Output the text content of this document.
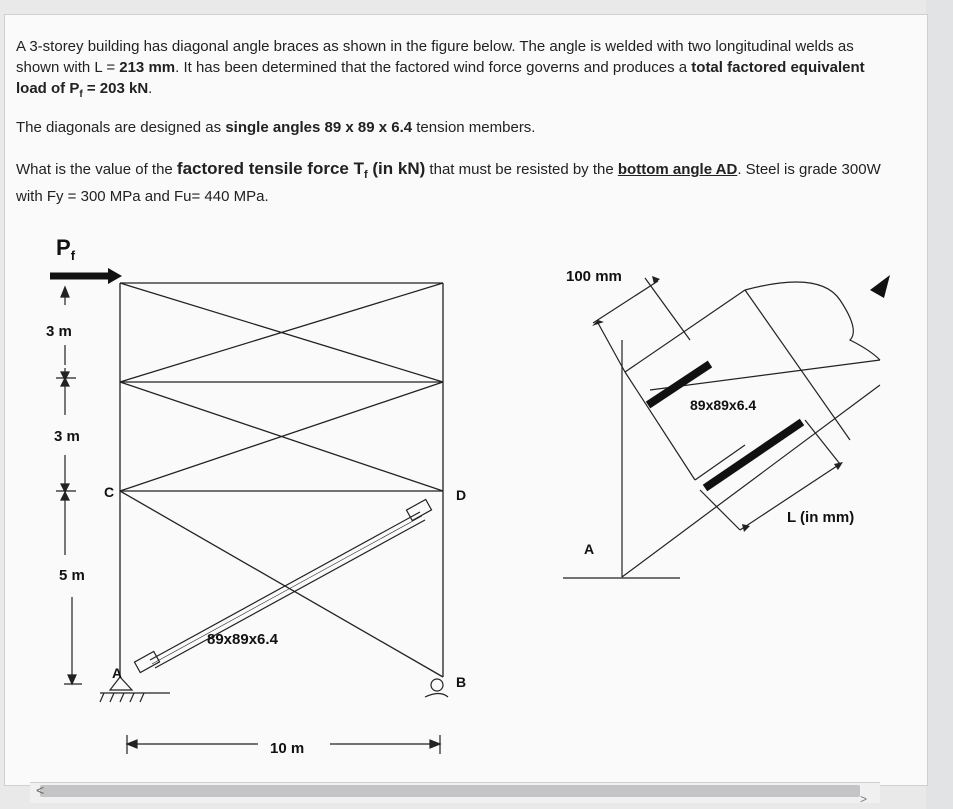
A 3-storey building has diagonal angle braces as shown in the figure below. The angle is welded with two longitudinal welds as shown with L = 213 mm. It has been determined that the factored wind force governs and produces a total factored equivalent load of $P_f = 203$ kN.
The diagonals are designed as single angles 89 x 89 x 6.4 tension members.
What is the value of the factored tensile force $T_f$ (in kN) that must be resisted by the bottom angle AD. Steel is grade 300W with Fy = 300 MPa and Fu= 440 MPa.
$P_f$
3 m
3 m
5 m
10 m
C	D
A
B
89x89x6.4
100 mm
89x89x6.4
L (in mm)
A
<
>
